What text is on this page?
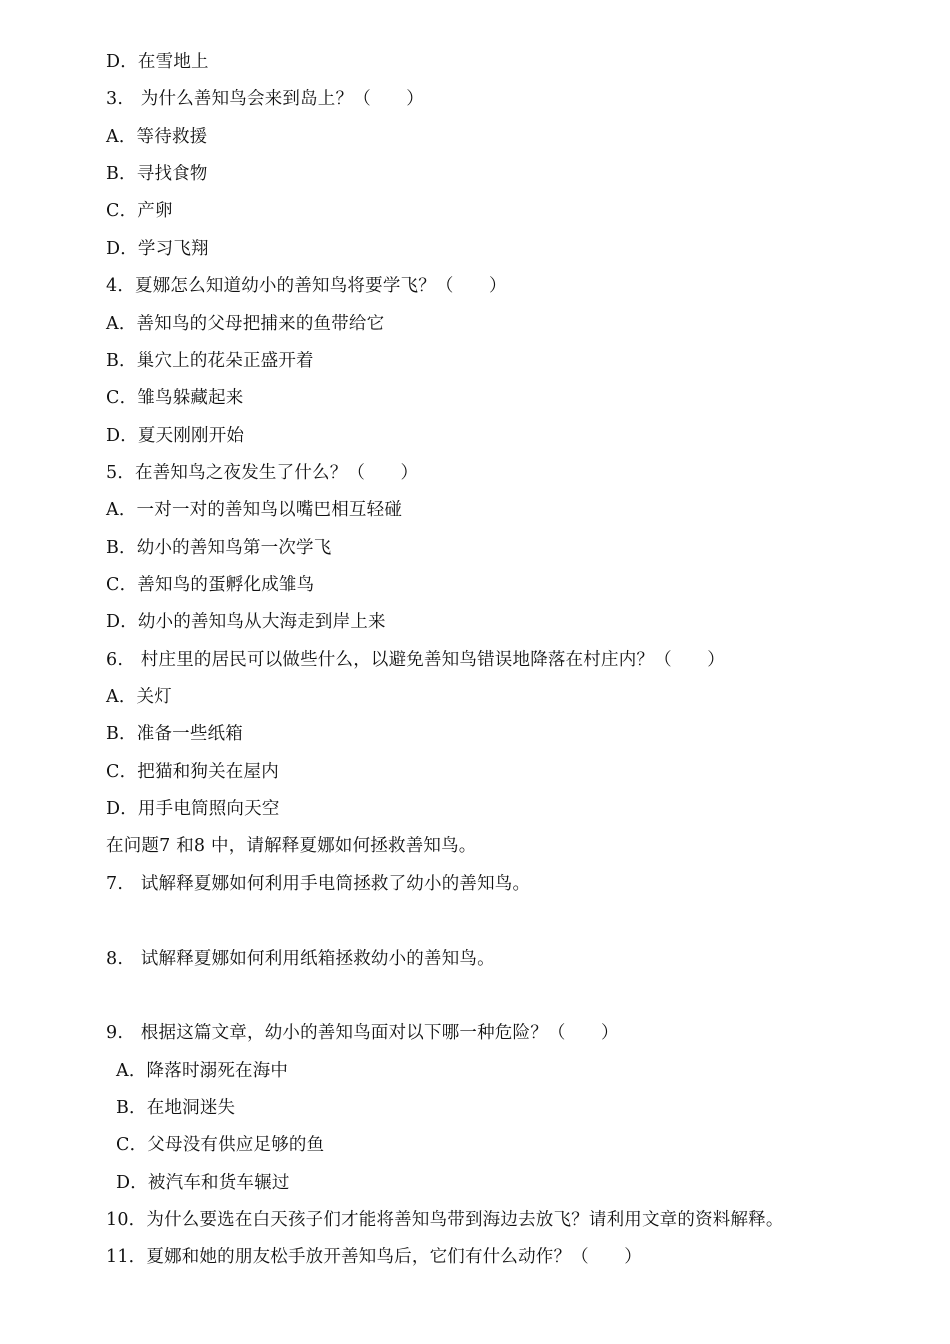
D．在雪地上
3.　为什么善知鸟会来到岛上？（　　）
A．等待救援
B．寻找食物
C．产卵
D．学习飞翔
4．夏娜怎么知道幼小的善知鸟将要学飞？（　　）
A．善知鸟的父母把捕来的鱼带给它
B．巢穴上的花朵正盛开着
C．雏鸟躲藏起来
D．夏天刚刚开始
5．在善知鸟之夜发生了什么？（　　）
A．一对一对的善知鸟以嘴巴相互轻碰
B．幼小的善知鸟第一次学飞
C．善知鸟的蛋孵化成雏鸟
D．幼小的善知鸟从大海走到岸上来
6.　村庄里的居民可以做些什么，以避免善知鸟错误地降落在村庄内？（　　）
A．关灯
B．准备一些纸箱
C．把猫和狗关在屋内
D．用手电筒照向天空
在问题7 和8 中，请解释夏娜如何拯救善知鸟。
7.　试解释夏娜如何利用手电筒拯救了幼小的善知鸟。
8.　试解释夏娜如何利用纸箱拯救幼小的善知鸟。
9.　根据这篇文章，幼小的善知鸟面对以下哪一种危险？（　　）
A．降落时溺死在海中
B．在地洞迷失
C．父母没有供应足够的鱼
D．被汽车和货车辗过
10．为什么要选在白天孩子们才能将善知鸟带到海边去放飞？请利用文章的资料解释。
11．夏娜和她的朋友松手放开善知鸟后，它们有什么动作？（　　）
